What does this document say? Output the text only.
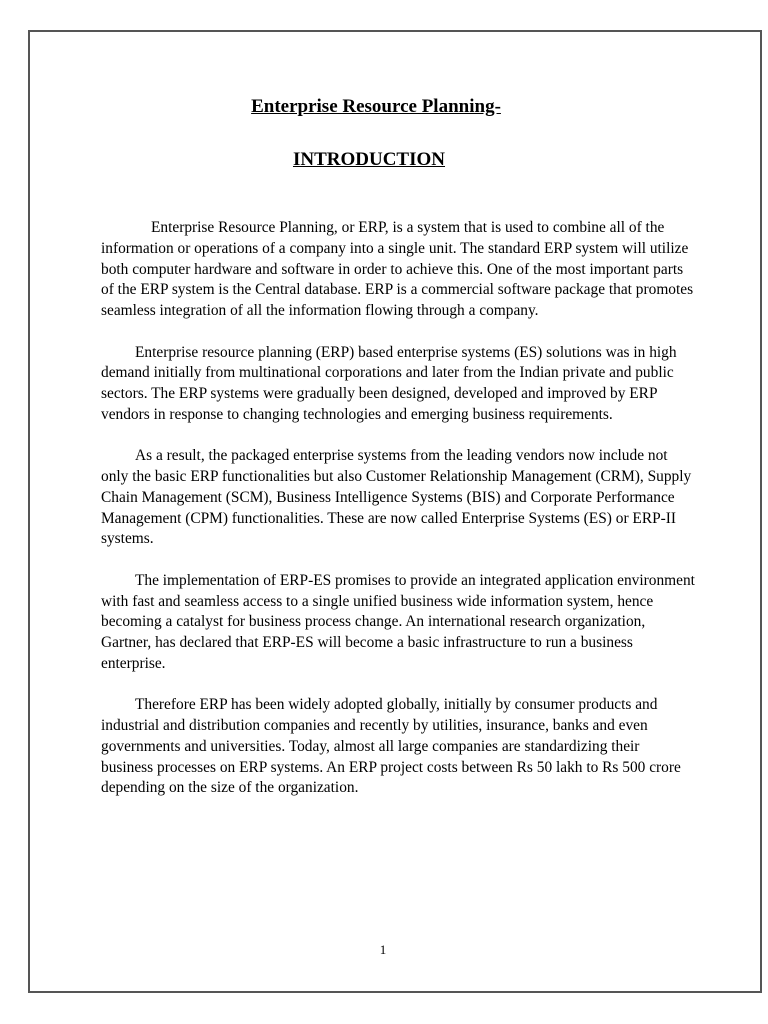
Enterprise Resource Planning-
INTRODUCTION

Enterprise Resource Planning, or ERP, is a system that is used to combine all of the information or operations of a company into a single unit. The standard ERP system will utilize both computer hardware and software in order to achieve this. One of the most important parts of the ERP system is the Central database. ERP is a commercial software package that promotes seamless integration of all the information flowing through a company.

Enterprise resource planning (ERP) based enterprise systems (ES) solutions was in high demand initially from multinational corporations and later from the Indian private and public sectors. The ERP systems were gradually been designed, developed and improved by ERP vendors in response to changing technologies and emerging business requirements.

As a result, the packaged enterprise systems from the leading vendors now include not only the basic ERP functionalities but also Customer Relationship Management (CRM), Supply Chain Management (SCM), Business Intelligence Systems (BIS) and Corporate Performance Management (CPM) functionalities. These are now called Enterprise Systems (ES) or ERP-II systems.

The implementation of ERP-ES promises to provide an integrated application environment with fast and seamless access to a single unified business wide information system, hence becoming a catalyst for business process change. An international research organization, Gartner, has declared that ERP-ES will become a basic infrastructure to run a business enterprise.

Therefore ERP has been widely adopted globally, initially by consumer products and industrial and distribution companies and recently by utilities, insurance, banks and even governments and universities. Today, almost all large companies are standardizing their business processes on ERP systems. An ERP project costs between Rs 50 lakh to Rs 500 crore depending on the size of the organization.

1
